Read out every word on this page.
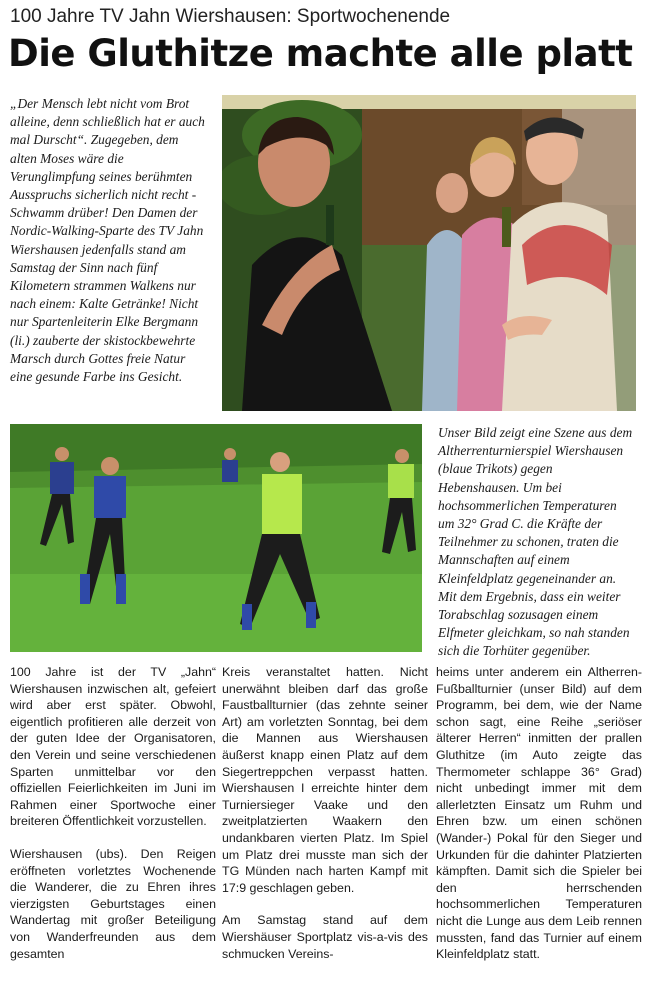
100 Jahre TV Jahn Wiershausen: Sportwochenende
Die Gluthitze machte alle platt
„Der Mensch lebt nicht vom Brot alleine, denn schließlich hat er auch mal Durscht“. Zugegeben, dem alten Moses wäre die Verunglimpfung seines berühmten Ausspruchs sicherlich nicht recht - Schwamm drüber! Den Damen der Nordic-Walking-Sparte des TV Jahn Wiershausen jedenfalls stand am Samstag der Sinn nach fünf Kilometern strammen Walkens nur nach einem: Kalte Getränke! Nicht nur Spartenleiterin Elke Bergmann (li.) zauberte der skistockbewehrte Marsch durch Gottes freie Natur eine gesunde Farbe ins Gesicht.
Unser Bild zeigt eine Szene aus dem Altherrenturnierspiel Wiershausen (blaue Trikots) gegen Hebenshausen. Um bei hochsommerlichen Temperaturen um 32° Grad C. die Kräfte der Teilnehmer zu schonen, traten die Mannschaften auf einem Kleinfeldplatz gegeneinander an. Mit dem Ergebnis, dass ein weiter Torabschlag sozusagen einem Elfmeter gleichkam, so nah standen sich die Torhüter gegenüber.

100 Jahre ist der TV „Jahn“ Wiershausen inzwischen alt, gefeiert wird aber erst später. Obwohl, eigentlich profitieren alle derzeit von der guten Idee der Organisatoren, den Verein und seine verschiedenen Sparten unmittelbar vor den offiziellen Feierlichkeiten im Juni im Rahmen einer Sportwoche einer breiteren Öffentlichkeit vorzustellen.

Wiershausen (ubs). Den Reigen eröffneten vorletztes Wochenende die Wanderer, die zu Ehren ihres vierzigsten Geburtstages einen Wandertag mit großer Beteiligung von Wanderfreunden aus dem gesamten

Kreis veranstaltet hatten. Nicht unerwähnt bleiben darf das große Faustballturnier (das zehnte seiner Art) am vorletzten Sonntag, bei dem die Mannen aus Wiershausen äußerst knapp einen Platz auf dem Siegertreppchen verpasst hatten. Wiershausen I erreichte hinter dem Turniersieger Vaake und den zweitplatzierten Waakern den undankbaren vierten Platz. Im Spiel um Platz drei musste man sich der TG Münden nach harten Kampf mit 17:9 geschlagen geben.

Am Samstag stand auf dem Wiershäuser Sportplatz vis-a-vis des schmucken Vereins-

heims unter anderem ein Altherren-Fußballturnier (unser Bild) auf dem Programm, bei dem, wie der Name schon sagt, eine Reihe „seriöser älterer Herren“ inmitten der prallen Gluthitze (im Auto zeigte das Thermometer schlappe 36° Grad) nicht unbedingt immer mit dem allerletzten Einsatz um Ruhm und Ehren bzw. um einen schönen (Wander-) Pokal für den Sieger und Urkunden für die dahinter Platzierten kämpften. Damit sich die Spieler bei den herrschenden hochsommerlichen Temperaturen nicht die Lunge aus dem Leib rennen mussten, fand das Turnier auf einem Kleinfeldplatz statt.
